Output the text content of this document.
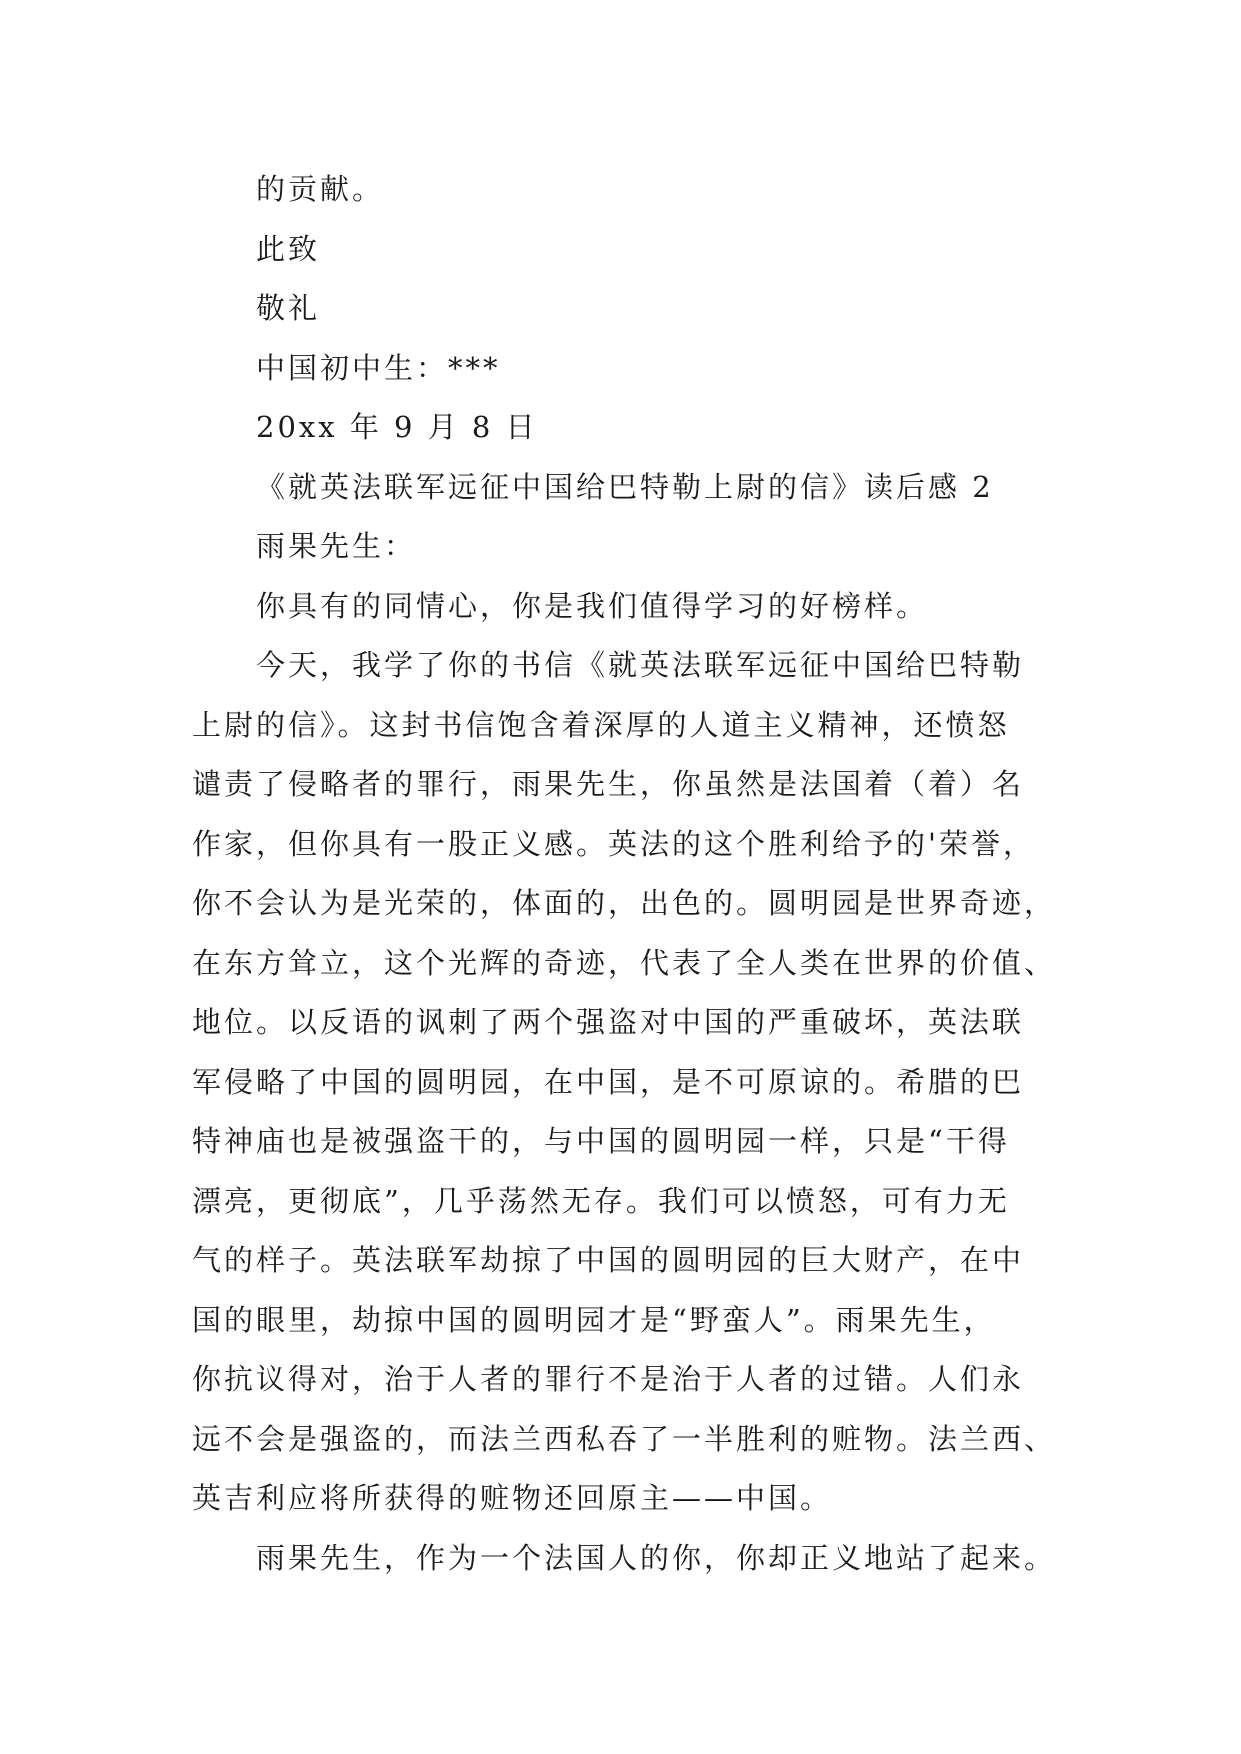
的贡献。
此致
敬礼
中国初中生：***
20xx 年 9 月 8 日
《就英法联军远征中国给巴特勒上尉的信》读后感 2
雨果先生：
你具有的同情心，你是我们值得学习的好榜样。
今天，我学了你的书信《就英法联军远征中国给巴特勒
上尉的信》。这封书信饱含着深厚的人道主义精神，还愤怒
谴责了侵略者的罪行，雨果先生，你虽然是法国着（着）名
作家，但你具有一股正义感。英法的这个胜利给予的'荣誉，
你不会认为是光荣的，体面的，出色的。圆明园是世界奇迹，
在东方耸立，这个光辉的奇迹，代表了全人类在世界的价值、
地位。以反语的讽刺了两个强盗对中国的严重破坏，英法联
军侵略了中国的圆明园，在中国，是不可原谅的。希腊的巴
特神庙也是被强盗干的，与中国的圆明园一样，只是“干得
漂亮，更彻底”，几乎荡然无存。我们可以愤怒，可有力无
气的样子。英法联军劫掠了中国的圆明园的巨大财产，在中
国的眼里，劫掠中国的圆明园才是“野蛮人”。雨果先生，
你抗议得对，治于人者的罪行不是治于人者的过错。人们永
远不会是强盗的，而法兰西私吞了一半胜利的赃物。法兰西、
英吉利应将所获得的赃物还回原主——中国。
雨果先生，作为一个法国人的你，你却正义地站了起来。
